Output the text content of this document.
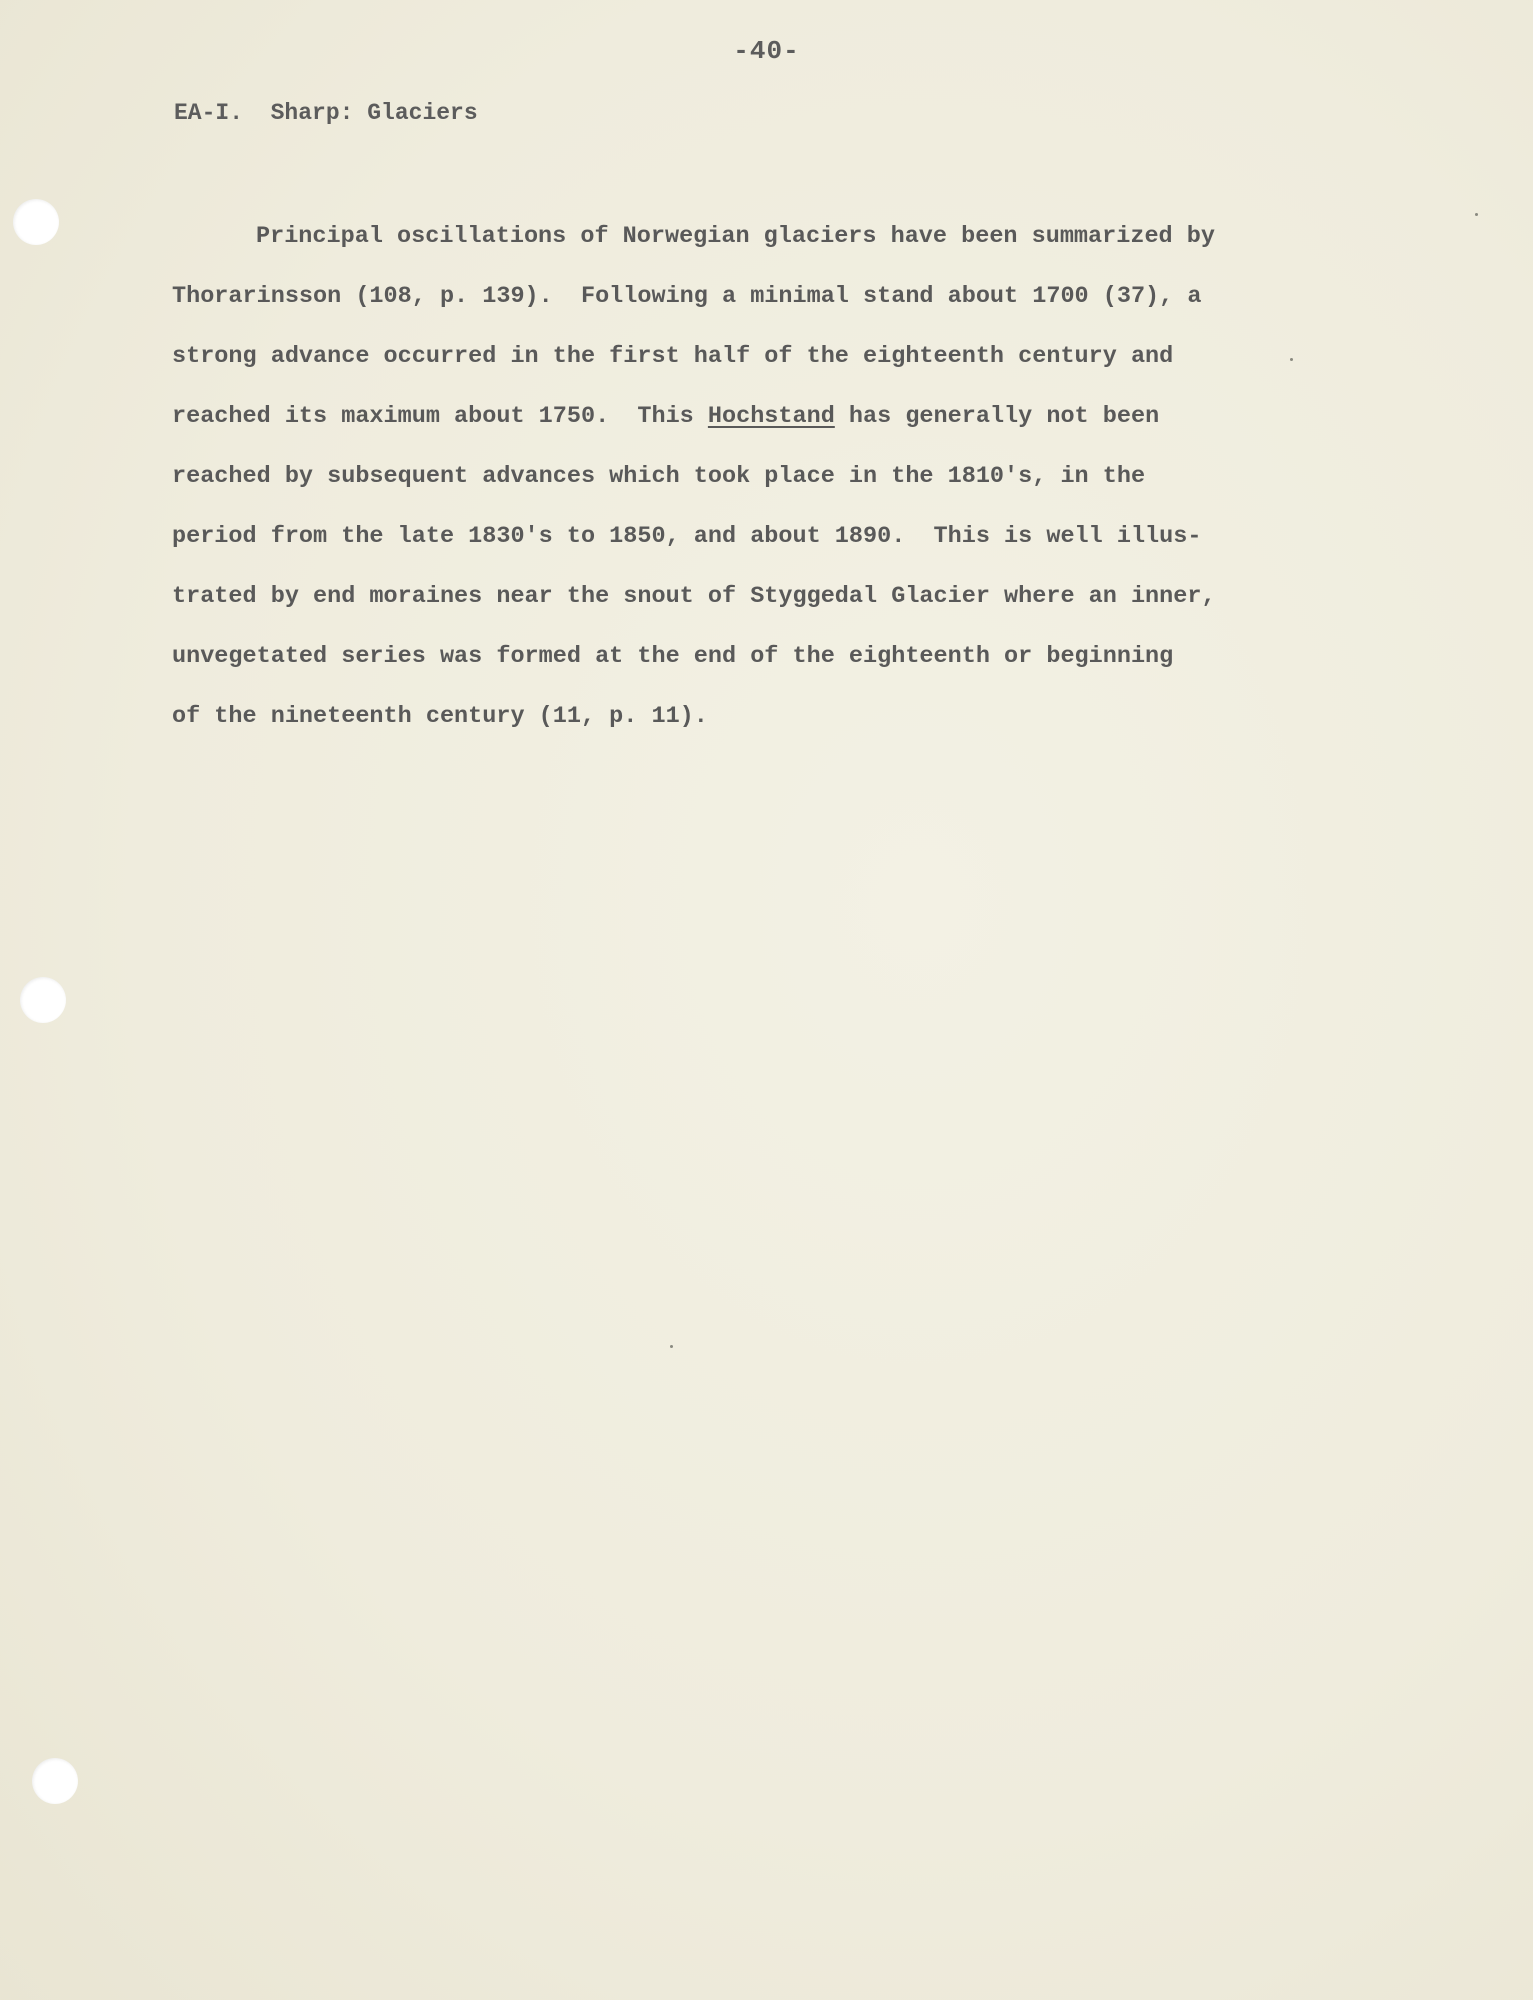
-40-
EA-I.  Sharp: Glaciers
Principal oscillations of Norwegian glaciers have been summarized by
Thorarinsson (108, p. 139).  Following a minimal stand about 1700 (37), a
strong advance occurred in the first half of the eighteenth century and
reached its maximum about 1750.  This Hochstand has generally not been
reached by subsequent advances which took place in the 1810's, in the
period from the late 1830's to 1850, and about 1890.  This is well illus-
trated by end moraines near the snout of Styggedal Glacier where an inner,
unvegetated series was formed at the end of the eighteenth or beginning
of the nineteenth century (11, p. 11).
